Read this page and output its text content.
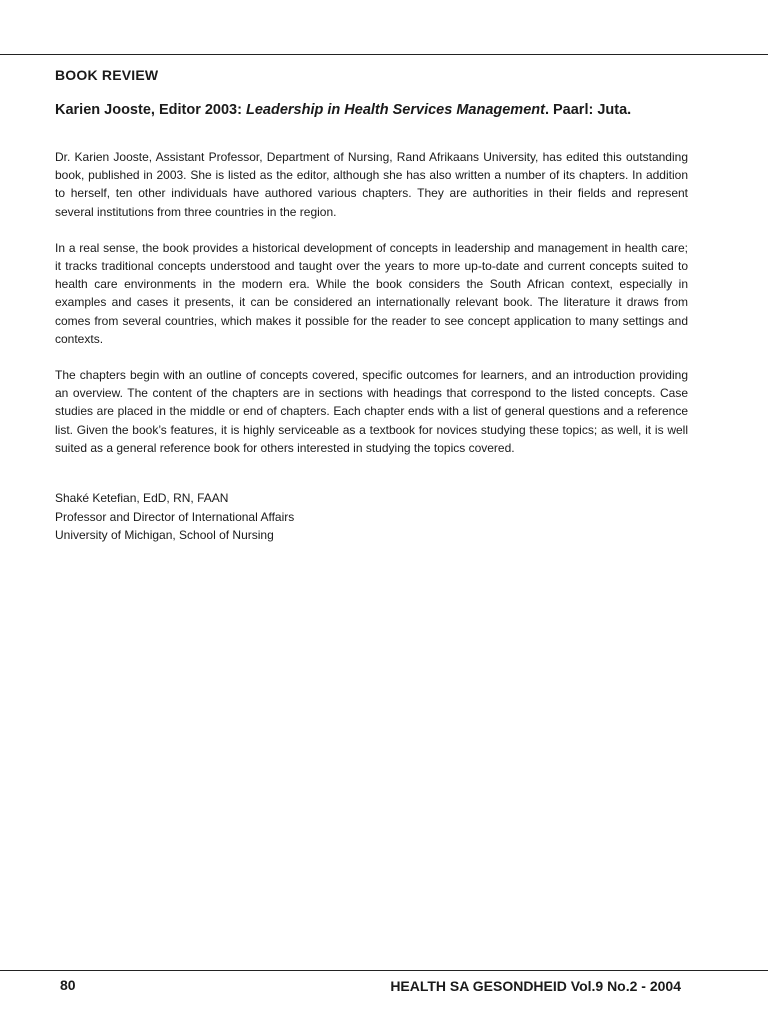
BOOK REVIEW

Karien Jooste, Editor 2003: Leadership in Health Services Management. Paarl: Juta.

Dr. Karien Jooste, Assistant Professor, Department of Nursing, Rand Afrikaans University, has edited this outstanding book, published in 2003. She is listed as the editor, although she has also written a number of its chapters. In addition to herself, ten other individuals have authored various chapters. They are authorities in their fields and represent several institutions from three countries in the region.

In a real sense, the book provides a historical development of concepts in leadership and management in health care; it tracks traditional concepts understood and taught over the years to more up-to-date and current concepts suited to health care environments in the modern era. While the book considers the South African context, especially in examples and cases it presents, it can be considered an internationally relevant book. The literature it draws from comes from several countries, which makes it possible for the reader to see concept application to many settings and contexts.

The chapters begin with an outline of concepts covered, specific outcomes for learners, and an introduction providing an overview. The content of the chapters are in sections with headings that correspond to the listed concepts. Case studies are placed in the middle or end of chapters. Each chapter ends with a list of general questions and a reference list. Given the book’s features, it is highly serviceable as a textbook for novices studying these topics; as well, it is well suited as a general reference book for others interested in studying the topics covered.

Shaké Ketefian, EdD, RN, FAAN
Professor and Director of International Affairs
University of Michigan, School of Nursing
80	HEALTH SA GESONDHEID Vol.9 No.2 - 2004
